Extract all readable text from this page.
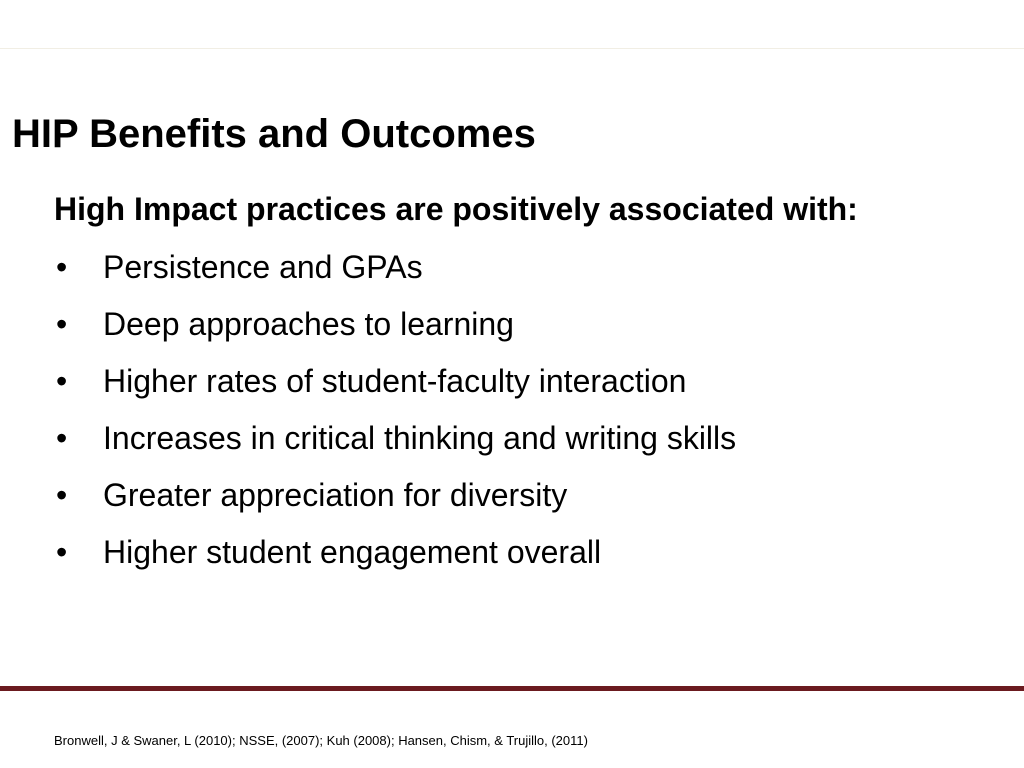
HIP Benefits and Outcomes

High Impact practices are positively associated with:

• Persistence and GPAs
• Deep approaches to learning
• Higher rates of student-faculty interaction
• Increases in critical thinking and writing skills
• Greater appreciation for diversity
• Higher student engagement overall

Bronwell, J & Swaner, L (2010); NSSE, (2007); Kuh (2008); Hansen, Chism, & Trujillo, (2011)
